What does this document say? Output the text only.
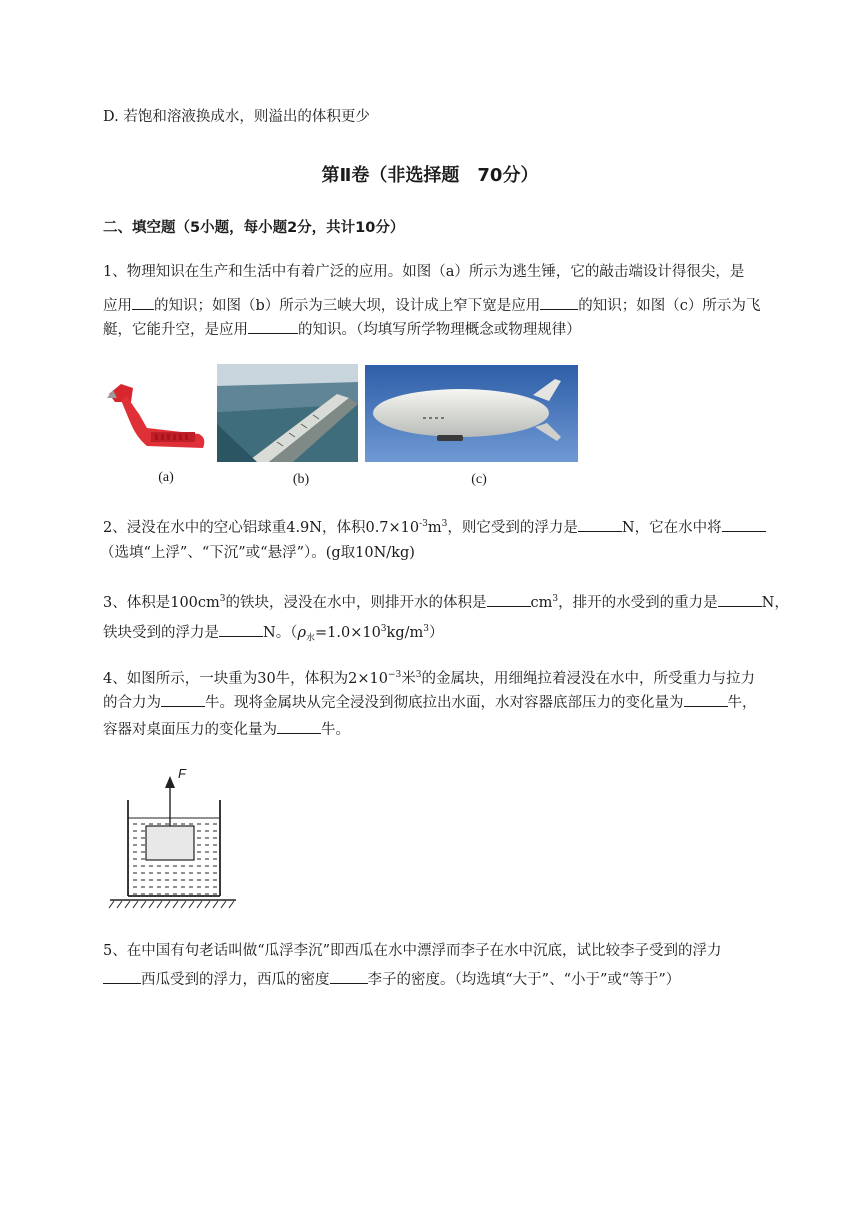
D. 若饱和溶液换成水，则溢出的体积更少
第Ⅱ卷（非选择题　70分）
二、填空题（5小题，每小题2分，共计10分）
1、物理知识在生产和生活中有着广泛的应用。如图（a）所示为逃生锤，它的敲击端设计得很尖，是
应用 的知识；如图（b）所示为三峡大坝，设计成上窄下宽是应用	的知识；如图（c）所示为飞
艇，它能升空，是应用	的知识。（均填写所学物理概念或物理规律）
(a)	(b)	(c)
2、浸没在水中的空心铝球重4.9N，体积$0.7\times 10^{-3}m^3$，则它受到的浮力是	N，它在水中将
（选填“上浮”、“下沉”或“悬浮”）。(g取10N/kg)
3、体积是$100cm^3$的铁块，浸没在水中，则排开水的体积是	$cm^3$，排开的水受到的重力是	N，
铁块受到的浮力是	N。$(\rho_水=1.0\times 10^3kg/m^3)$
4、如图所示，一块重为30牛，体积为$2\times 10^{-3}$米$^3$的金属块，用细绳拉着浸没在水中，所受重力与拉力
的合力为	牛。现将金属块从完全浸没到彻底拉出水面，水对容器底部压力的变化量为	牛，
容器对桌面压力的变化量为	牛。
F
5、在中国有句老话叫做“瓜浮李沉”即西瓜在水中漂浮而李子在水中沉底，试比较李子受到的浮力
西瓜受到的浮力，西瓜的密度	李子的密度。（均选填“大于”、“小于”或“等于”）
